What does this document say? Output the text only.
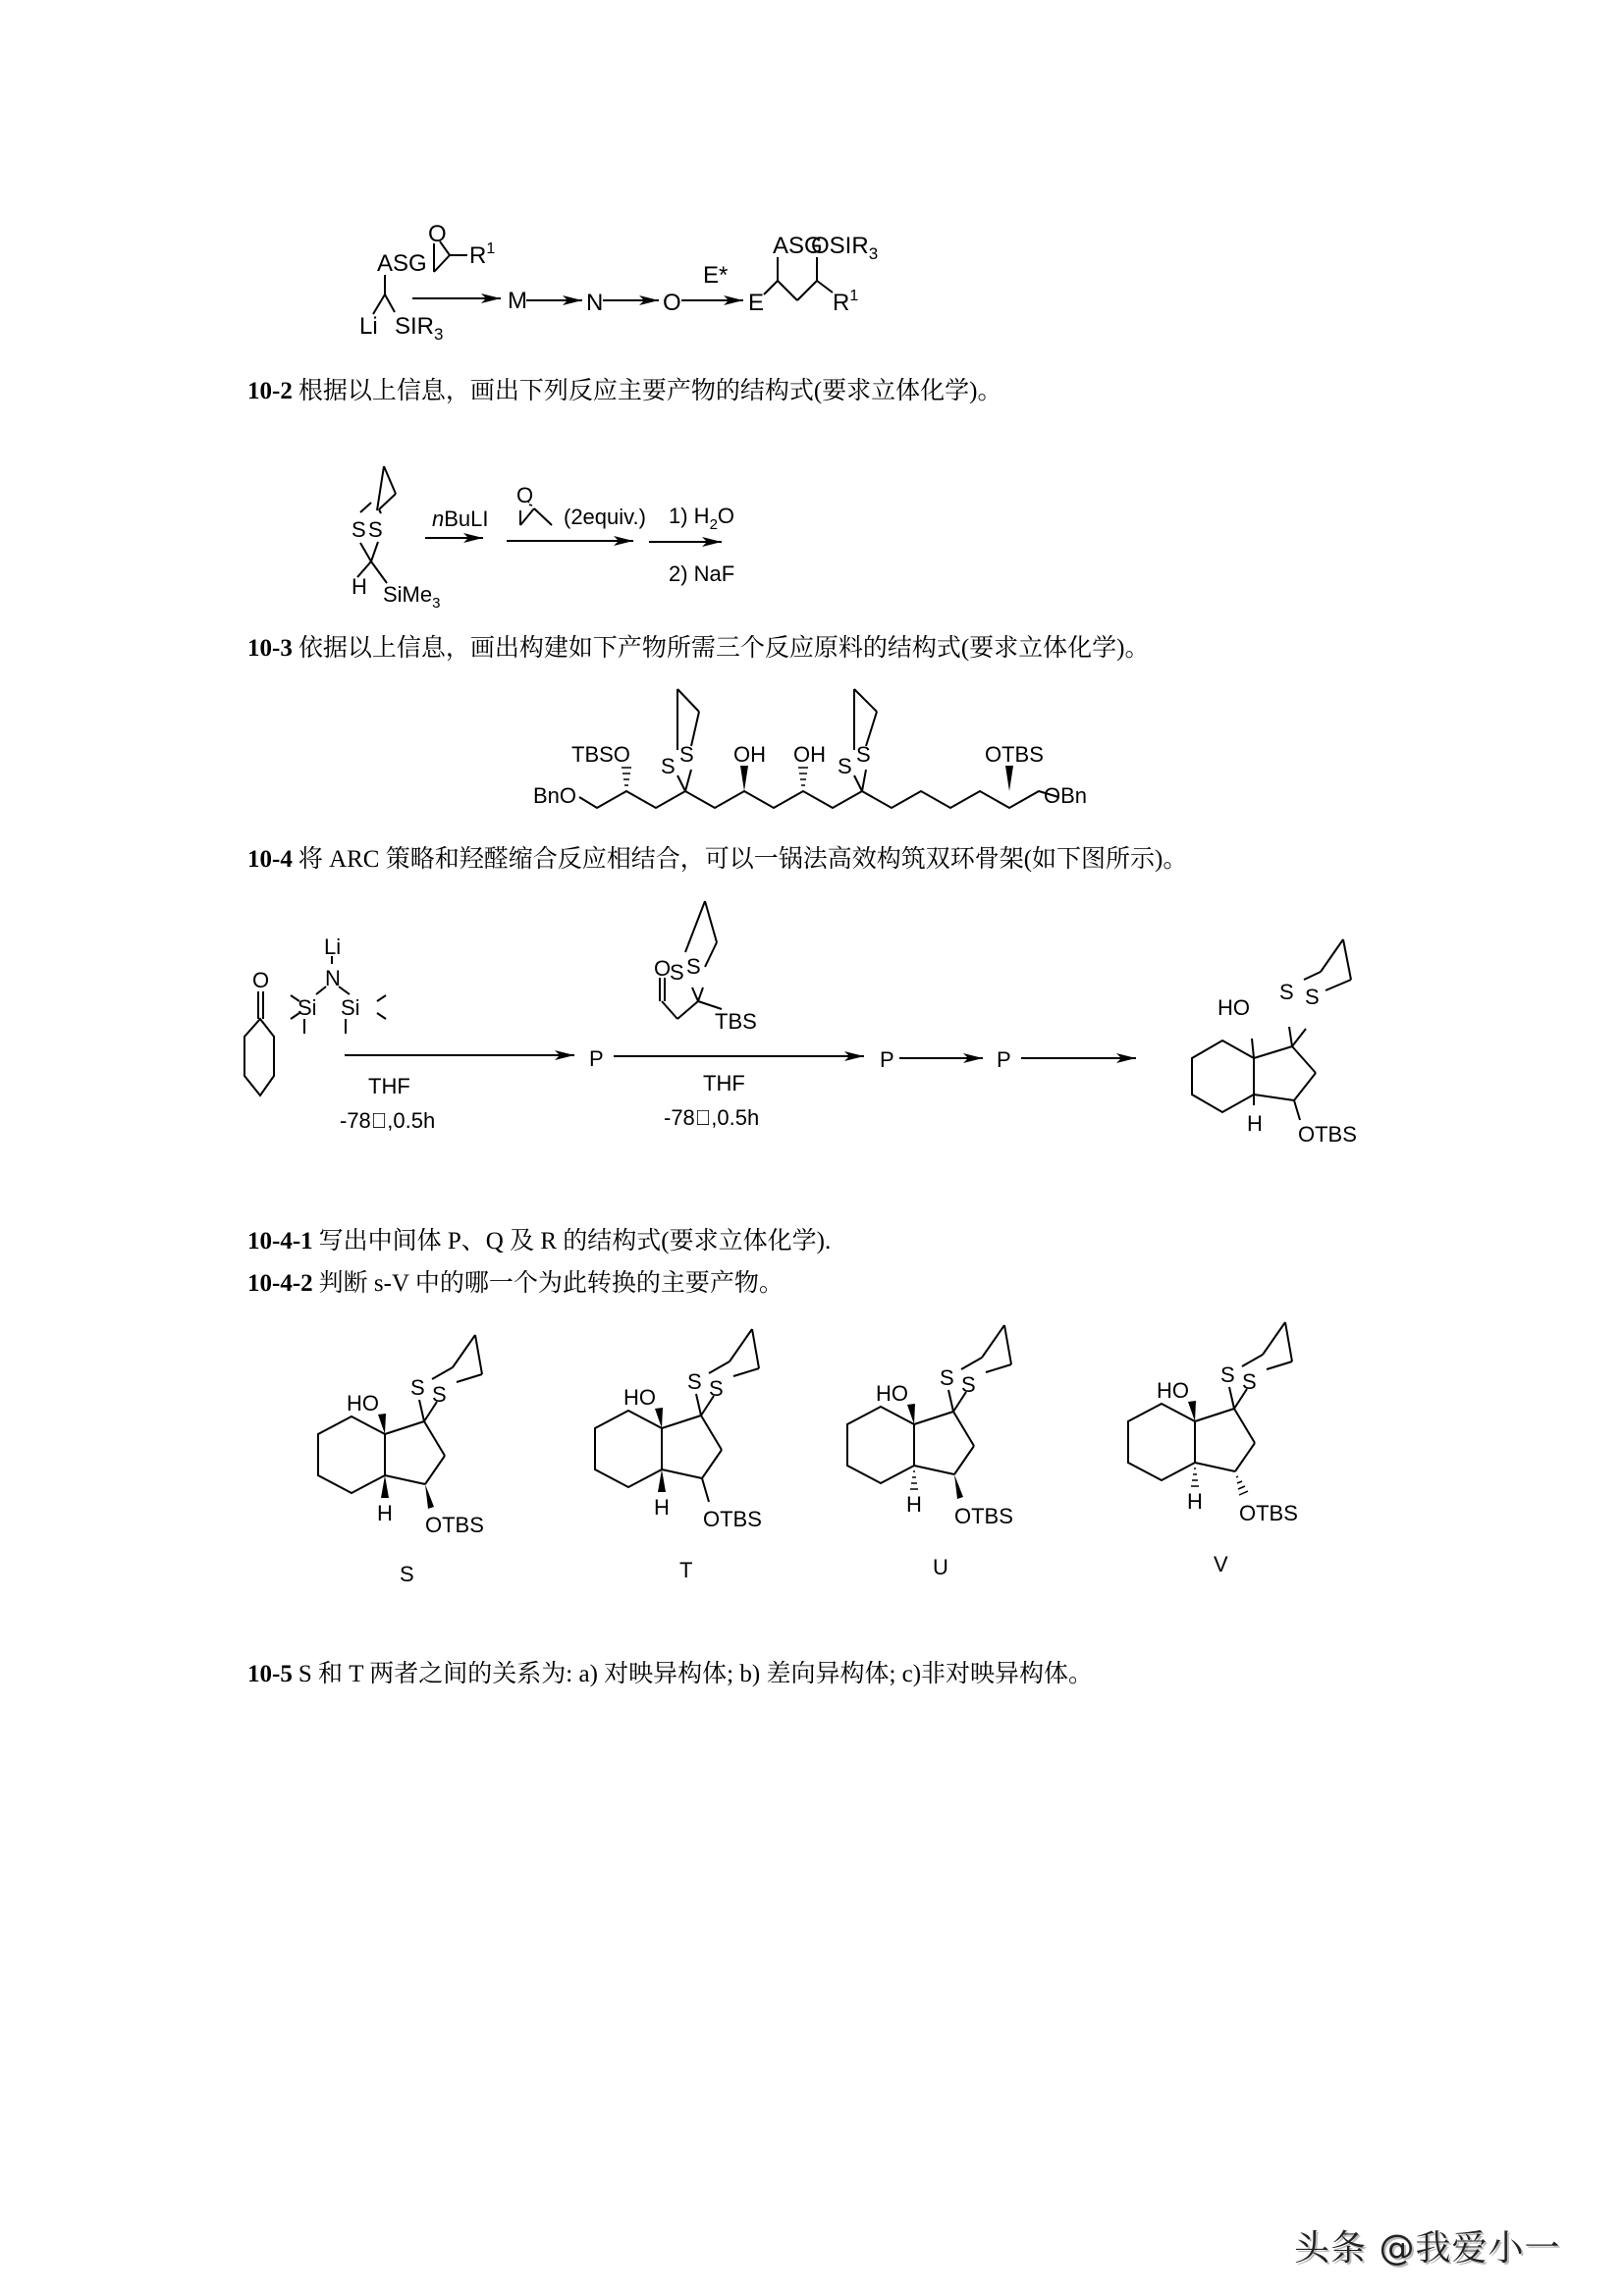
ASG
Li $SIR_3$
O
$R^1$
M	N	O
E*
E
ASG
$OSIR_3$
$R^1$
10-2 根据以上信息，画出下列反应主要产物的结构式(要求立体化学)。
S S
H SiMe$_3$
nBuLI
O
(2equiv.) 1) $H_2O$
2) NaF
10-3 依据以上信息，画出构建如下产物所需三个反应原料的结构式(要求立体化学)。
BnO
TBSO S S OH OH S S	OTBS
OBn
10-4 将 ARC 策略和羟醛缩合反应相结合，可以一锅法高效构筑双环骨架(如下图所示)。
O
Li
N
Si Si
THF
-78 ,0.5h
P
O
S S
TBS
THF
-78 ,0.5h
P	P
HO
S S
H OTBS
10-4-1 写出中间体 P、Q 及 R 的结构式(要求立体化学).
10-4-2 判断 s-V 中的哪一个为此转换的主要产物。
HO
S S
H OTBS
S
HO
S S
H OTBS
T
HO
S S
H OTBS
U
HO
S S
H OTBS
V
10-5 S 和 T 两者之间的关系为: a) 对映异构体; b) 差向异构体; c)非对映异构体。
头条 @我爱小一
